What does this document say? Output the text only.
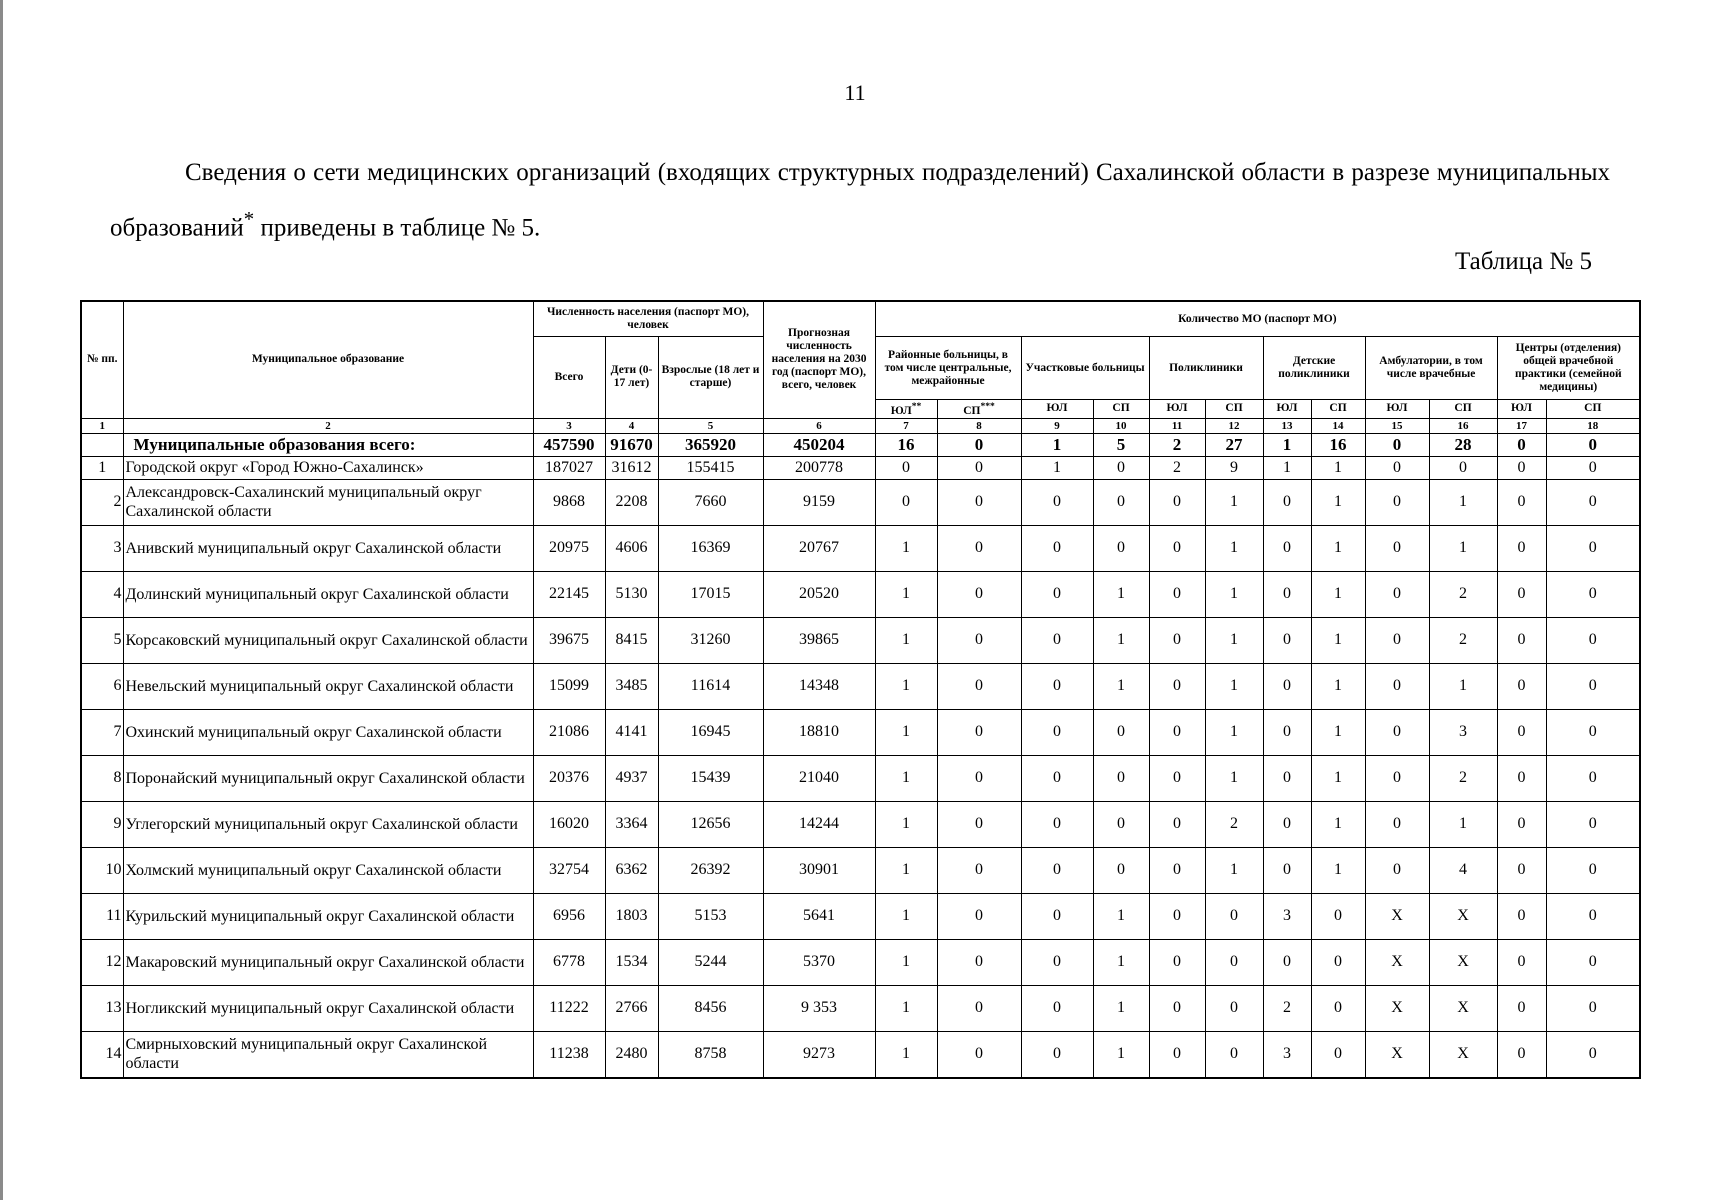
11

Сведения о сети медицинских организаций (входящих структурных подразделений) Сахалинской области в разрезе муниципальных образований* приведены в таблице № 5.

Таблица № 5
№ пп.	Муниципальное образование	Численность населения (паспорт МО), человек			Прогнозная численность населения на 2030 год (паспорт МО), всего, человек	Количество МО (паспорт МО)											
		Всего	Дети (0-17 лет)	Взрослые (18 лет и старше)		Районные больницы, в том числе центральные, межрайонные		Участковые больницы		Поликлиники		Детские поликлиники		Амбулатории, в том числе врачебные		Центры (отделения) общей врачебной практики (семейной медицины)	
						ЮЛ**	СП***	ЮЛ	СП	ЮЛ	СП	ЮЛ	СП	ЮЛ	СП	ЮЛ	СП
1	2	3	4	5	6	7	8	9	10	11	12	13	14	15	16	17	18
	Муниципальные образования всего:	457590	91670	365920	450204	16	0	1	5	2	27	1	16	0	28	0	0
1	Городской округ «Город Южно-Сахалинск»	187027	31612	155415	200778	0	0	1	0	2	9	1	1	0	0	0	0
2	Александровск-Сахалинский муниципальный округ Сахалинской области	9868	2208	7660	9159	0	0	0	0	0	1	0	1	0	1	0	0
3	Анивский муниципальный округ Сахалинской области	20975	4606	16369	20767	1	0	0	0	0	1	0	1	0	1	0	0
4	Долинский муниципальный округ Сахалинской области	22145	5130	17015	20520	1	0	0	1	0	1	0	1	0	2	0	0
5	Корсаковский муниципальный округ Сахалинской области	39675	8415	31260	39865	1	0	0	1	0	1	0	1	0	2	0	0
6	Невельский муниципальный округ Сахалинской области	15099	3485	11614	14348	1	0	0	1	0	1	0	1	0	1	0	0
7	Охинский муниципальный округ Сахалинской области	21086	4141	16945	18810	1	0	0	0	0	1	0	1	0	3	0	0
8	Поронайский муниципальный округ Сахалинской области	20376	4937	15439	21040	1	0	0	0	0	1	0	1	0	2	0	0
9	Углегорский муниципальный округ Сахалинской области	16020	3364	12656	14244	1	0	0	0	0	2	0	1	0	1	0	0
10	Холмский муниципальный округ Сахалинской области	32754	6362	26392	30901	1	0	0	0	0	1	0	1	0	4	0	0
11	Курильский муниципальный округ Сахалинской области	6956	1803	5153	5641	1	0	0	1	0	0	3	0	Х	Х	0	0
12	Макаровский муниципальный округ Сахалинской области	6778	1534	5244	5370	1	0	0	1	0	0	0	0	Х	Х	0	0
13	Ногликский муниципальный округ Сахалинской области	11222	2766	8456	9 353	1	0	0	1	0	0	2	0	Х	Х	0	0
14	Смирныховский муниципальный округ Сахалинской области	11238	2480	8758	9273	1	0	0	1	0	0	3	0	Х	Х	0	0
